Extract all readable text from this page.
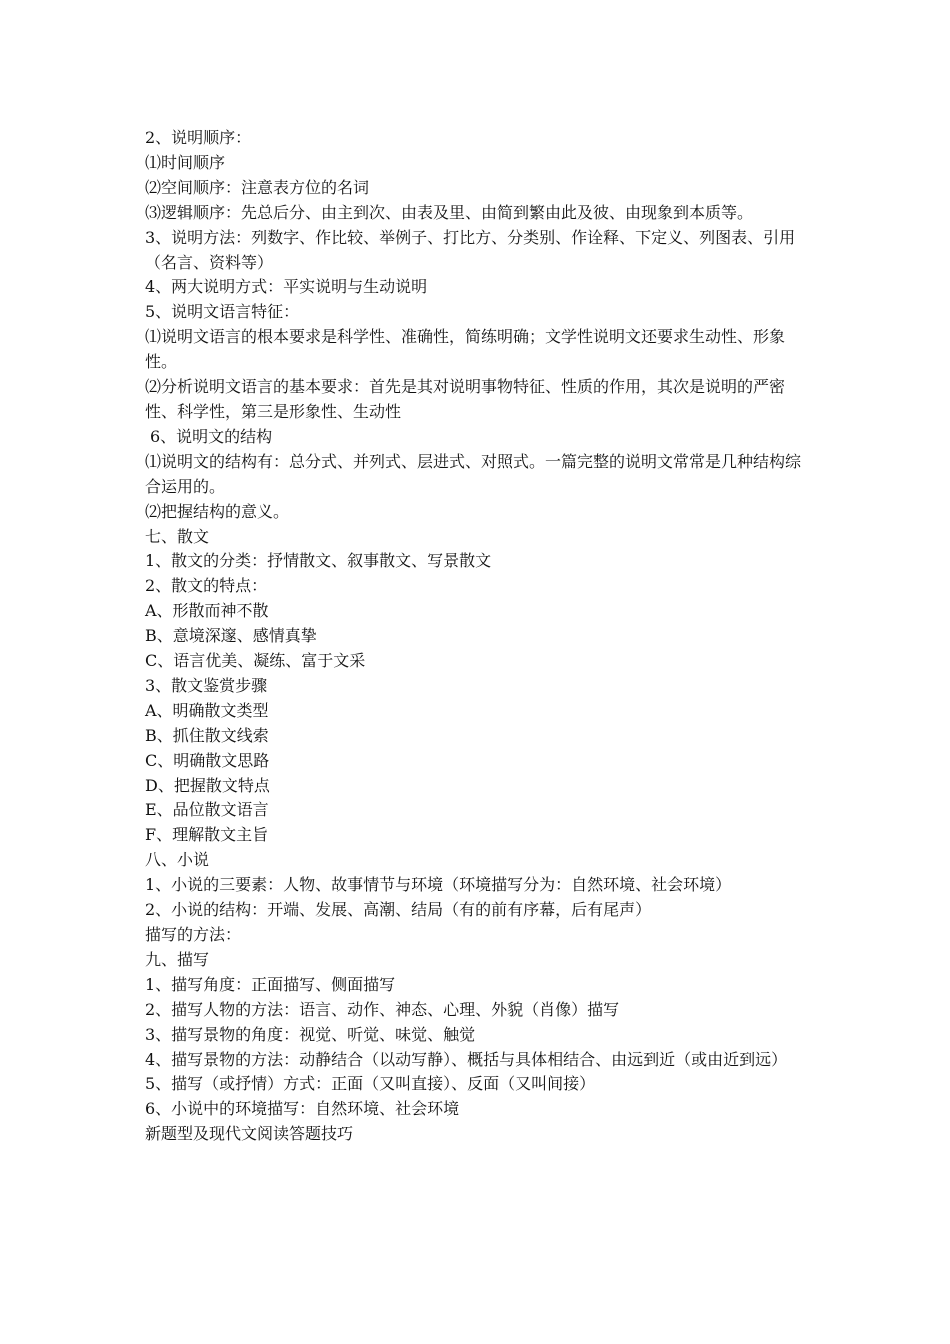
2、说明顺序：

⑴时间顺序

⑵空间顺序：注意表方位的名词

⑶逻辑顺序：先总后分、由主到次、由表及里、由简到繁由此及彼、由现象到本质等。

3、说明方法：列数字、作比较、举例子、打比方、分类别、作诠释、下定义、列图表、引用（名言、资料等）

4、两大说明方式：平实说明与生动说明

5、说明文语言特征：

⑴说明文语言的根本要求是科学性、准确性，简练明确；文学性说明文还要求生动性、形象性。

⑵分析说明文语言的基本要求：首先是其对说明事物特征、性质的作用，其次是说明的严密性、科学性，第三是形象性、生动性

6、说明文的结构

⑴说明文的结构有：总分式、并列式、层进式、对照式。一篇完整的说明文常常是几种结构综合运用的。

⑵把握结构的意义。

七、散文

1、散文的分类：抒情散文、叙事散文、写景散文

2、散文的特点：

A、形散而神不散

B、意境深邃、感情真挚

C、语言优美、凝练、富于文采

3、散文鉴赏步骤

A、明确散文类型

B、抓住散文线索

C、明确散文思路

D、把握散文特点

E、品位散文语言

F、理解散文主旨

八、小说

1、小说的三要素：人物、故事情节与环境（环境描写分为：自然环境、社会环境）

2、小说的结构：开端、发展、高潮、结局（有的前有序幕，后有尾声）

描写的方法：

九、描写

1、描写角度：正面描写、侧面描写

2、描写人物的方法：语言、动作、神态、心理、外貌（肖像）描写

3、描写景物的角度：视觉、听觉、味觉、触觉

4、描写景物的方法：动静结合（以动写静）、概括与具体相结合、由远到近（或由近到远）

5、描写（或抒情）方式：正面（又叫直接）、反面（又叫间接）

6、小说中的环境描写：自然环境、社会环境

新题型及现代文阅读答题技巧
